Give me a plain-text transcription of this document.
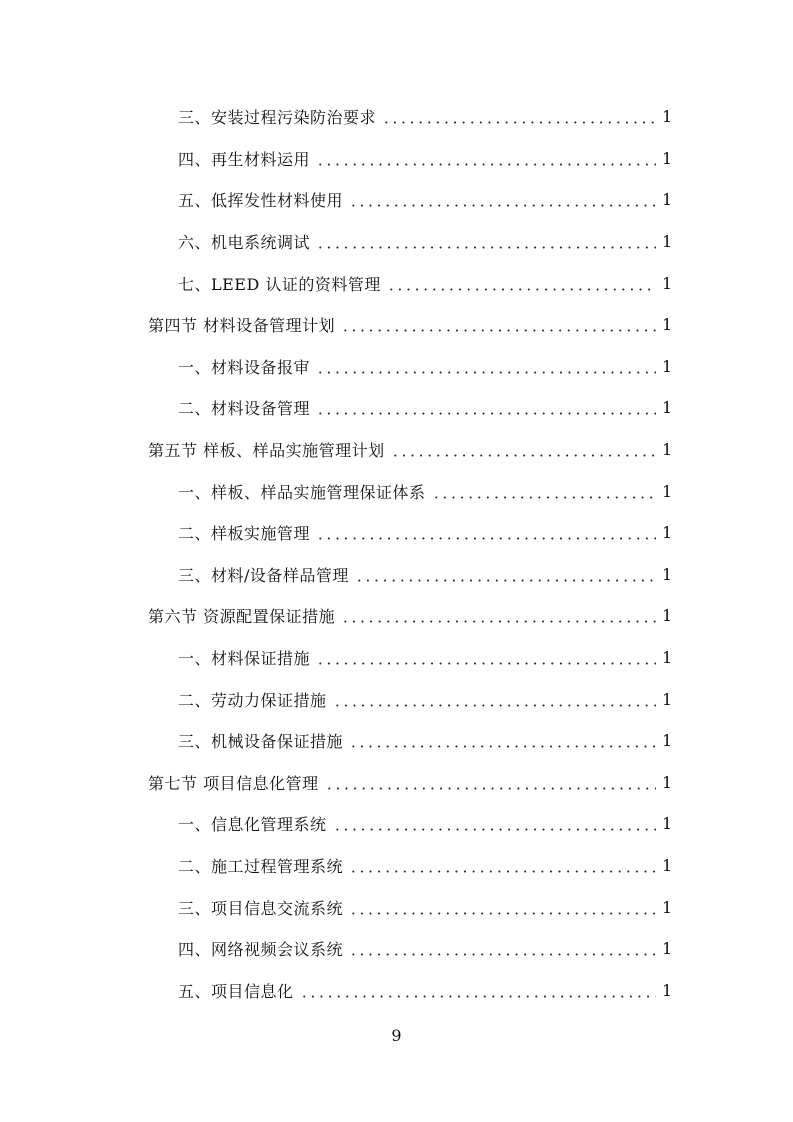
三、安装过程污染防治要求	1
四、再生材料运用	1
五、低挥发性材料使用	1
六、机电系统调试	1
七、LEED 认证的资料管理	1
第四节 材料设备管理计划	1
一、材料设备报审	1
二、材料设备管理	1
第五节 样板、样品实施管理计划	1
一、样板、样品实施管理保证体系	1
二、样板实施管理	1
三、材料/设备样品管理	1
第六节 资源配置保证措施	1
一、材料保证措施	1
二、劳动力保证措施	1
三、机械设备保证措施	1
第七节 项目信息化管理	1
一、信息化管理系统	1
二、施工过程管理系统	1
三、项目信息交流系统	1
四、网络视频会议系统	1
五、项目信息化	1
9
